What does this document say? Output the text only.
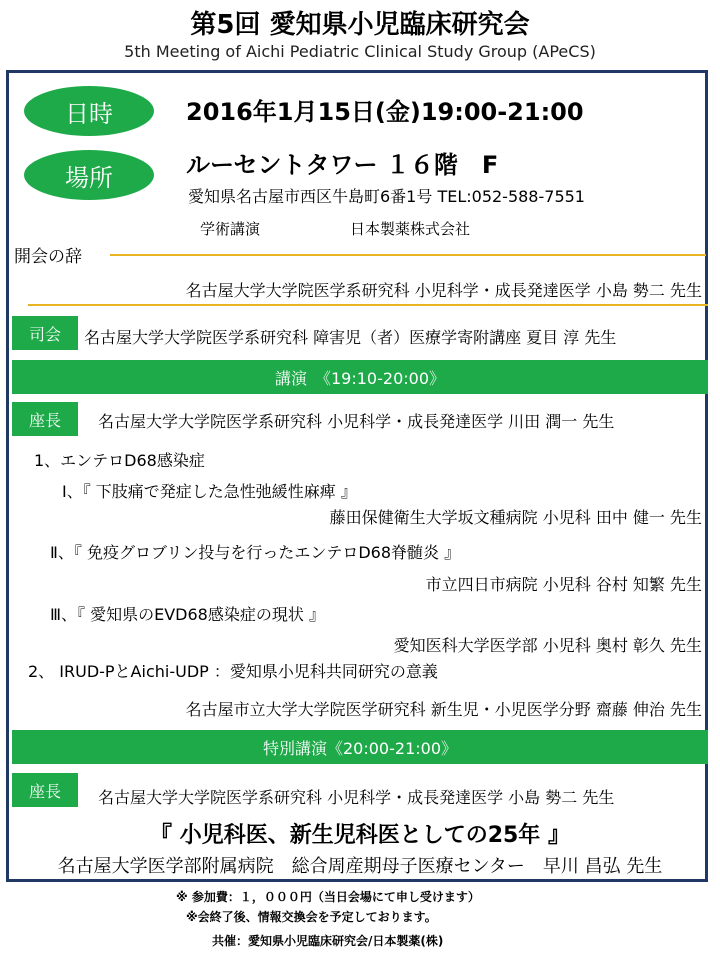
第5回 愛知県小児臨床研究会
5th Meeting of Aichi Pediatric Clinical Study Group (APeCS)
日時	2016年1月15日(金)19:00-21:00
場所	ルーセントタワー １６階　F
愛知県名古屋市西区牛島町6番1号 TEL:052-588-7551
学術講演	日本製薬株式会社
開会の辞
名古屋大学大学院医学系研究科 小児科学・成長発達医学 小島 勢二 先生
司会	名古屋大学大学院医学系研究科 障害児（者）医療学寄附講座 夏目 淳 先生
講演　《19:10-20:00》
座長	名古屋大学大学院医学系研究科 小児科学・成長発達医学 川田 潤一 先生
1、エンテロD68感染症
Ⅰ、『 下肢痛で発症した急性弛緩性麻痺 』
藤田保健衛生大学坂文種病院 小児科 田中 健一 先生
Ⅱ、『 免疫グロブリン投与を行ったエンテロD68脊髄炎 』
市立四日市病院 小児科 谷村 知繁 先生
Ⅲ、『 愛知県のEVD68感染症の現状 』
愛知医科大学医学部 小児科 奥村 彰久 先生
2、 IRUD-PとAichi-UDP ：愛知県小児科共同研究の意義
名古屋市立大学大学院医学研究科 新生児・小児医学分野 齋藤 伸治 先生
特別講演《20:00-21:00》
座長	名古屋大学大学院医学系研究科 小児科学・成長発達医学 小島 勢二 先生
『 小児科医、新生児科医としての25年 』
名古屋大学医学部附属病院　総合周産期母子医療センター　早川 昌弘 先生
※ 参加費：１，０００円（当日会場にて申し受けます）
※会終了後、情報交換会を予定しております。
共催：愛知県小児臨床研究会/日本製薬(株)
